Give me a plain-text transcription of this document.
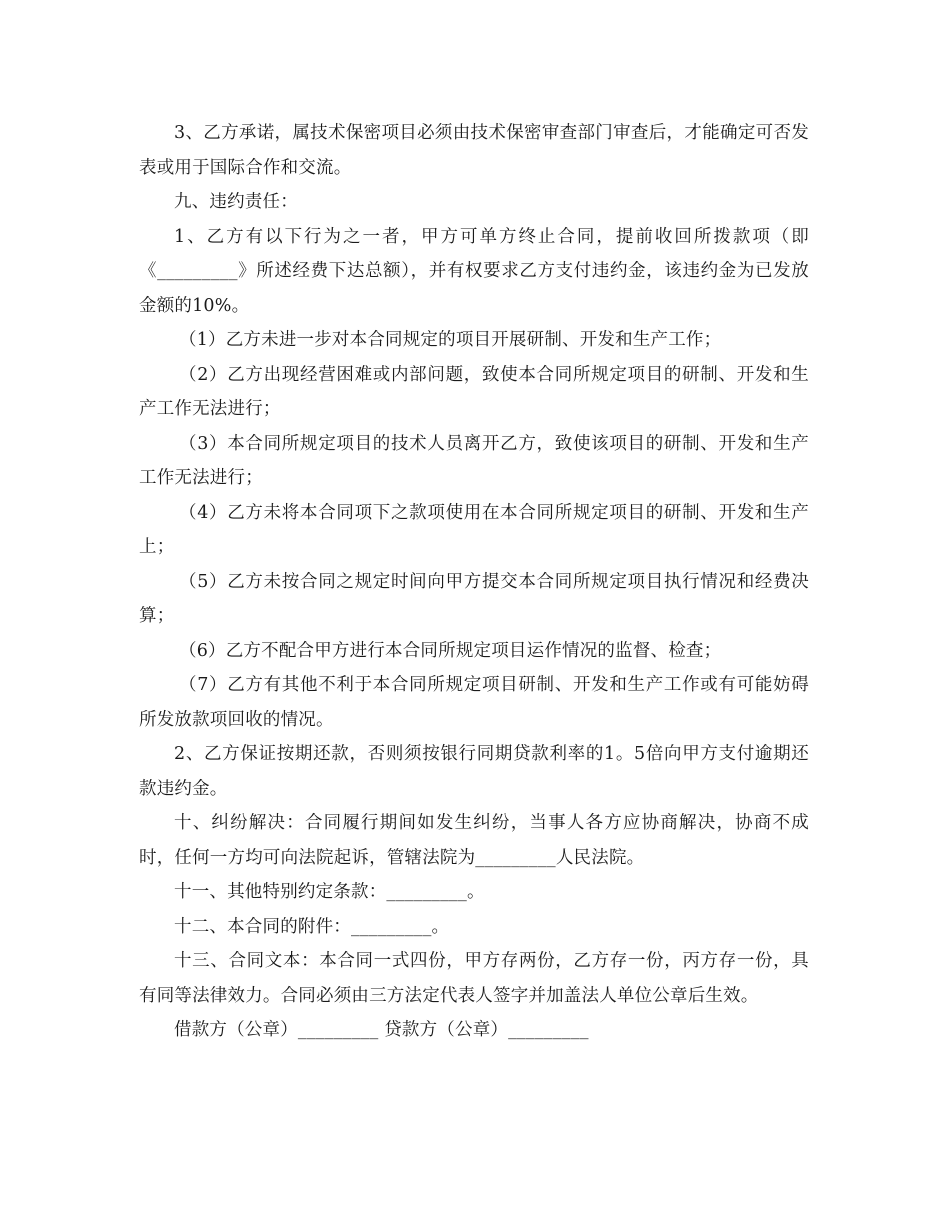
3、乙方承诺，属技术保密项目必须由技术保密审查部门审查后，才能确定可否发表或用于国际合作和交流。

九、违约责任：

1、乙方有以下行为之一者，甲方可单方终止合同，提前收回所拨款项（即《_________》所述经费下达总额），并有权要求乙方支付违约金，该违约金为已发放金额的10%。

（1）乙方未进一步对本合同规定的项目开展研制、开发和生产工作；

（2）乙方出现经营困难或内部问题，致使本合同所规定项目的研制、开发和生产工作无法进行；

（3）本合同所规定项目的技术人员离开乙方，致使该项目的研制、开发和生产工作无法进行；

（4）乙方未将本合同项下之款项使用在本合同所规定项目的研制、开发和生产上；

（5）乙方未按合同之规定时间向甲方提交本合同所规定项目执行情况和经费决算；

（6）乙方不配合甲方进行本合同所规定项目运作情况的监督、检查；

（7）乙方有其他不利于本合同所规定项目研制、开发和生产工作或有可能妨碍所发放款项回收的情况。

2、乙方保证按期还款，否则须按银行同期贷款利率的1。5倍向甲方支付逾期还款违约金。

十、纠纷解决：合同履行期间如发生纠纷，当事人各方应协商解决，协商不成时，任何一方均可向法院起诉，管辖法院为_________人民法院。

十一、其他特别约定条款：_________。

十二、本合同的附件：_________。

十三、合同文本：本合同一式四份，甲方存两份，乙方存一份，丙方存一份，具有同等法律效力。合同必须由三方法定代表人签字并加盖法人单位公章后生效。

借款方（公章）_________ 贷款方（公章）_________
